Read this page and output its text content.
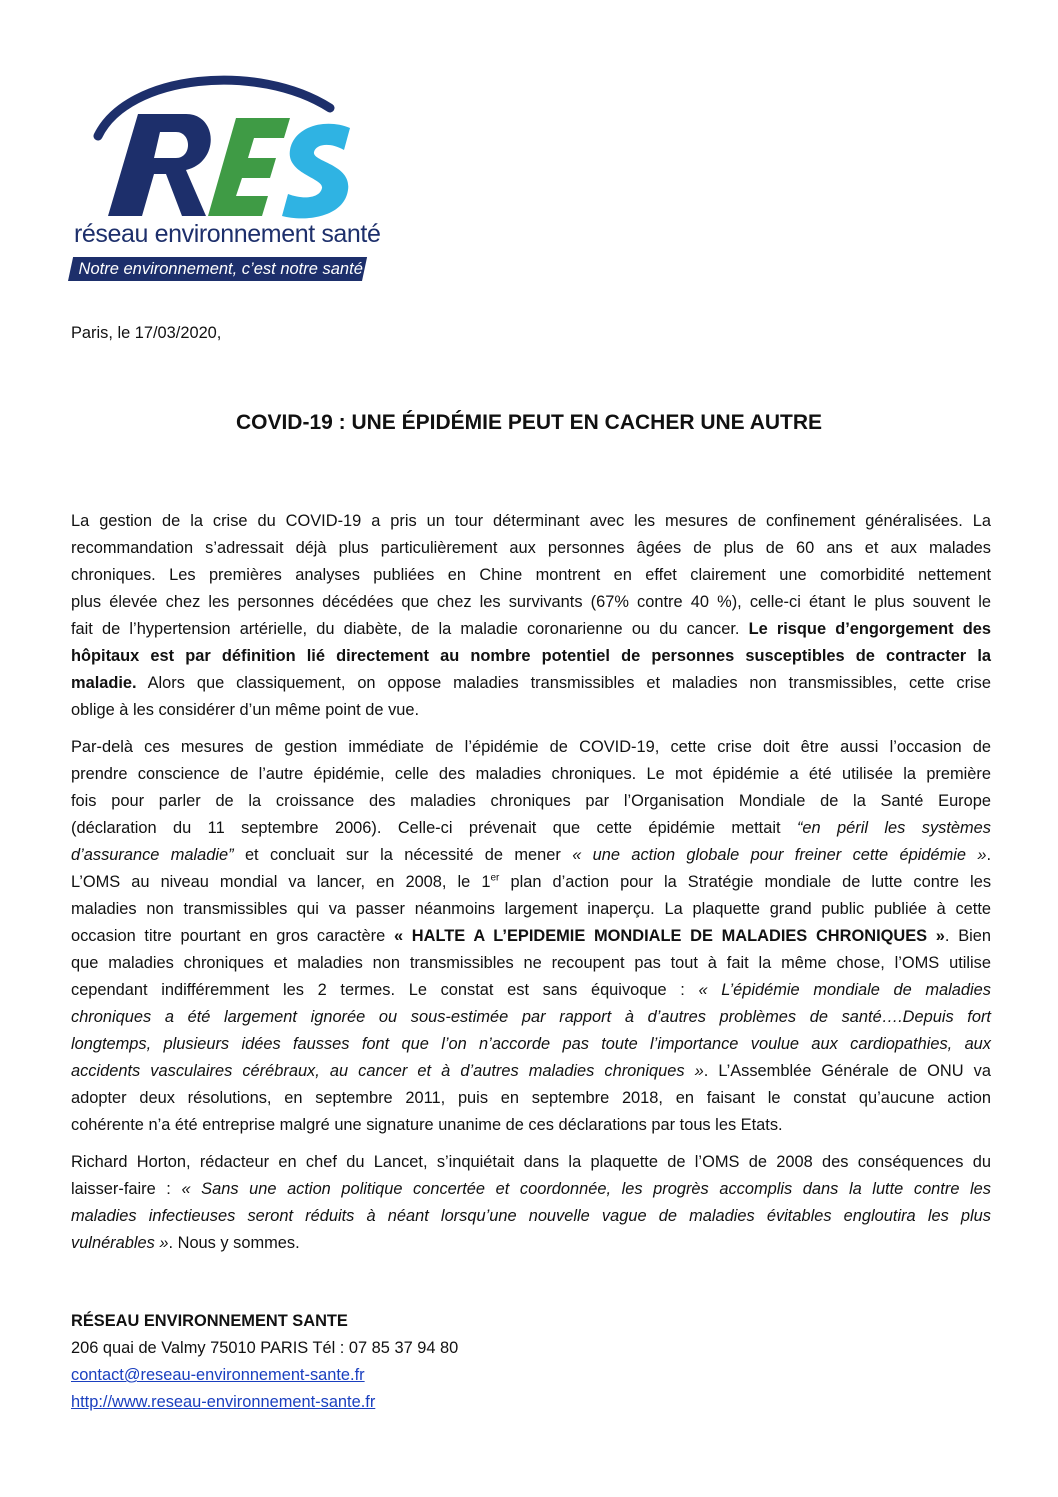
réseau environnement santé
Notre environnement, c’est notre santé

Paris, le 17/03/2020,

COVID-19 : UNE ÉPIDÉMIE PEUT EN CACHER UNE AUTRE

La gestion de la crise du COVID-19 a pris un tour déterminant avec les mesures de confinement généralisées. La
recommandation s’adressait déjà plus particulièrement aux personnes âgées de plus de 60 ans et aux malades
chroniques. Les premières analyses publiées en Chine montrent en effet clairement une comorbidité nettement
plus élevée chez les personnes décédées que chez les survivants (67% contre 40 %), celle-ci étant le plus souvent le
fait de l’hypertension artérielle, du diabète, de la maladie coronarienne ou du cancer. Le risque d’engorgement des
hôpitaux est par définition lié directement au nombre potentiel de personnes susceptibles de contracter la
maladie. Alors que classiquement, on oppose maladies transmissibles et maladies non transmissibles, cette crise
oblige à les considérer d’un même point de vue.

Par-delà ces mesures de gestion immédiate de l’épidémie de COVID-19, cette crise doit être aussi l’occasion de
prendre conscience de l’autre épidémie, celle des maladies chroniques. Le mot épidémie a été utilisée la première
fois pour parler de la croissance des maladies chroniques par l’Organisation Mondiale de la Santé Europe
(déclaration du 11 septembre 2006). Celle-ci prévenait que cette épidémie mettait “en péril les systèmes
d’assurance maladie” et concluait sur la nécessité de mener « une action globale pour freiner cette épidémie ».
L’OMS au niveau mondial va lancer, en 2008, le 1er plan d’action pour la Stratégie mondiale de lutte contre les
maladies non transmissibles qui va passer néanmoins largement inaperçu. La plaquette grand public publiée à cette
occasion titre pourtant en gros caractère « HALTE A L’EPIDEMIE MONDIALE DE MALADIES CHRONIQUES ». Bien
que maladies chroniques et maladies non transmissibles ne recoupent pas tout à fait la même chose, l’OMS utilise
cependant indifféremment les 2 termes. Le constat est sans équivoque : « L’épidémie mondiale de maladies
chroniques a été largement ignorée ou sous-estimée par rapport à d’autres problèmes de santé….Depuis fort
longtemps, plusieurs idées fausses font que l’on n’accorde pas toute l’importance voulue aux cardiopathies, aux
accidents vasculaires cérébraux, au cancer et à d’autres maladies chroniques ». L’Assemblée Générale de ONU va
adopter deux résolutions, en septembre 2011, puis en septembre 2018, en faisant le constat qu’aucune action
cohérente n’a été entreprise malgré une signature unanime de ces déclarations par tous les Etats.

Richard Horton, rédacteur en chef du Lancet, s’inquiétait dans la plaquette de l’OMS de 2008 des conséquences du
laisser-faire : « Sans une action politique concertée et coordonnée, les progrès accomplis dans la lutte contre les
maladies infectieuses seront réduits à néant lorsqu’une nouvelle vague de maladies évitables engloutira les plus
vulnérables ». Nous y sommes.

RÉSEAU ENVIRONNEMENT SANTE
206 quai de Valmy 75010 PARIS Tél : 07 85 37 94 80
contact@reseau-environnement-sante.fr
http://www.reseau-environnement-sante.fr
